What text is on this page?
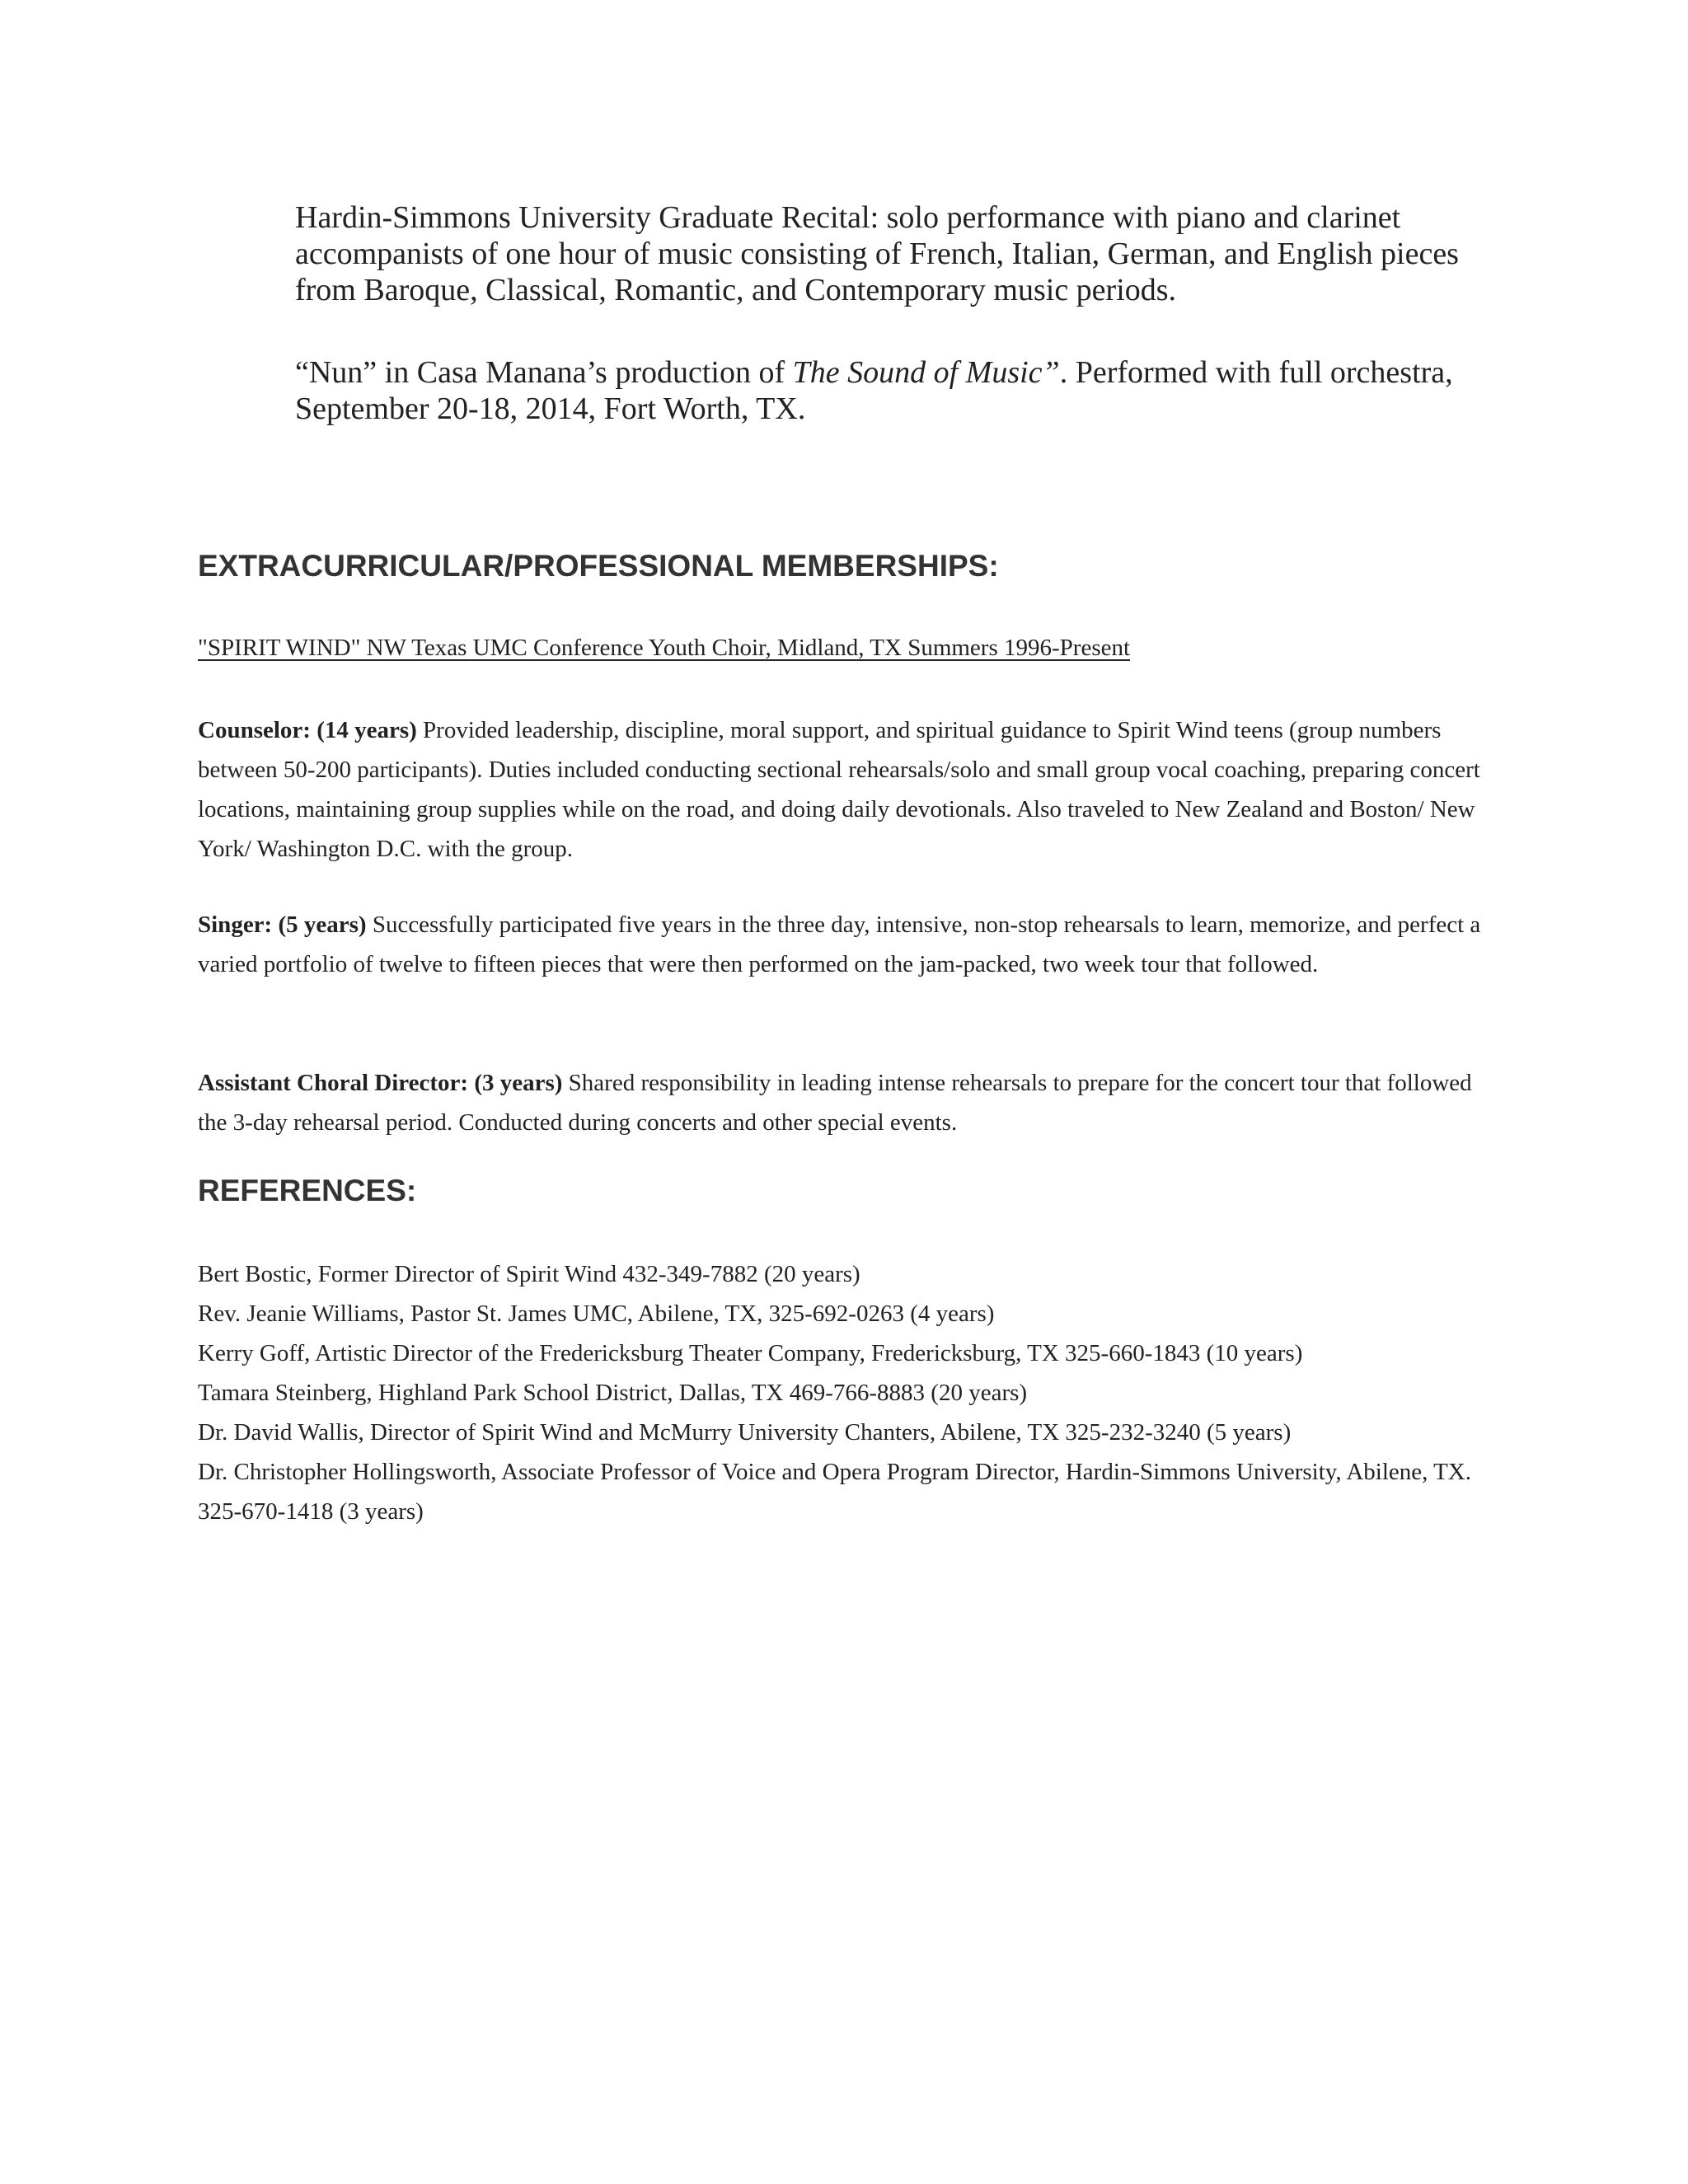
Hardin-Simmons University Graduate Recital: solo performance with piano and clarinet accompanists of one hour of music consisting of French, Italian, German, and English pieces from Baroque, Classical, Romantic, and Contemporary music periods.

“Nun” in Casa Manana’s production of The Sound of Music”. Performed with full orchestra, September 20-18, 2014, Fort Worth, TX.

EXTRACURRICULAR/PROFESSIONAL MEMBERSHIPS:

"SPIRIT WIND" NW Texas UMC Conference Youth Choir, Midland, TX Summers 1996-Present

Counselor: (14 years) Provided leadership, discipline, moral support, and spiritual guidance to Spirit Wind teens (group numbers between 50-200 participants). Duties included conducting sectional rehearsals/solo and small group vocal coaching, preparing concert locations, maintaining group supplies while on the road, and doing daily devotionals. Also traveled to New Zealand and Boston/ New York/ Washington D.C. with the group.

Singer: (5 years) Successfully participated five years in the three day, intensive, non-stop rehearsals to learn, memorize, and perfect a varied portfolio of twelve to fifteen pieces that were then performed on the jam-packed, two week tour that followed.

Assistant Choral Director: (3 years) Shared responsibility in leading intense rehearsals to prepare for the concert tour that followed the 3-day rehearsal period. Conducted during concerts and other special events.

REFERENCES:
Bert Bostic, Former Director of Spirit Wind 432-349-7882 (20 years)
Rev. Jeanie Williams, Pastor St. James UMC, Abilene, TX, 325-692-0263 (4 years)
Kerry Goff, Artistic Director of the Fredericksburg Theater Company, Fredericksburg, TX 325-660-1843 (10 years)
Tamara Steinberg, Highland Park School District, Dallas, TX 469-766-8883 (20 years)
Dr. David Wallis, Director of Spirit Wind and McMurry University Chanters, Abilene, TX 325-232-3240 (5 years)
Dr. Christopher Hollingsworth, Associate Professor of Voice and Opera Program Director, Hardin-Simmons University, Abilene, TX. 325-670-1418 (3 years)
